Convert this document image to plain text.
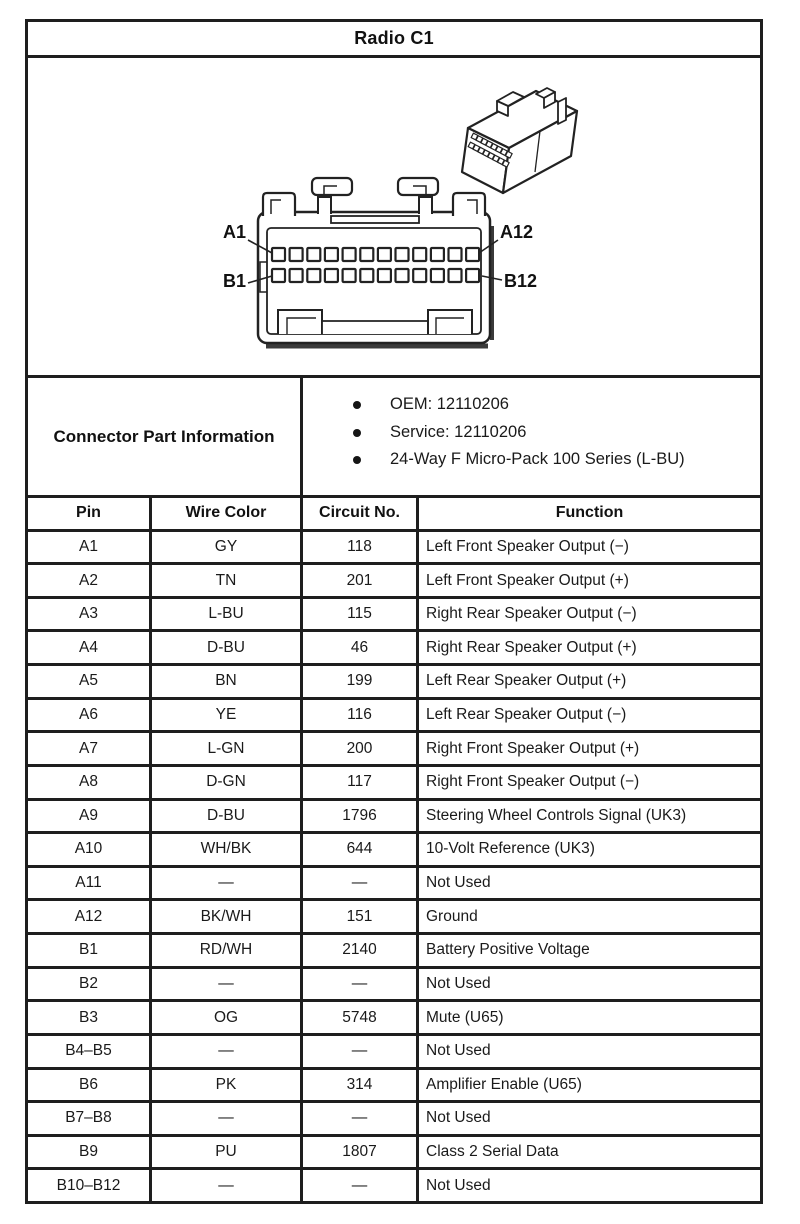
Radio C1
A1
B1
A12
B12
Connector Part Information
OEM: 12110206
Service: 12110206
24-Way F Micro-Pack 100 Series (L-BU)
Pin	Wire Color	Circuit No.	Function
A1	GY	118	Left Front Speaker Output (−)
A2	TN	201	Left Front Speaker Output (+)
A3	L-BU	115	Right Rear Speaker Output (−)
A4	D-BU	46	Right Rear Speaker Output (+)
A5	BN	199	Left Rear Speaker Output (+)
A6	YE	116	Left Rear Speaker Output (−)
A7	L-GN	200	Right Front Speaker Output (+)
A8	D-GN	117	Right Front Speaker Output (−)
A9	D-BU	1796	Steering Wheel Controls Signal (UK3)
A10	WH/BK	644	10-Volt Reference (UK3)
A11	—	—	Not Used
A12	BK/WH	151	Ground
B1	RD/WH	2140	Battery Positive Voltage
B2	—	—	Not Used
B3	OG	5748	Mute (U65)
B4–B5	—	—	Not Used
B6	PK	314	Amplifier Enable (U65)
B7–B8	—	—	Not Used
B9	PU	1807	Class 2 Serial Data
B10–B12	—	—	Not Used
